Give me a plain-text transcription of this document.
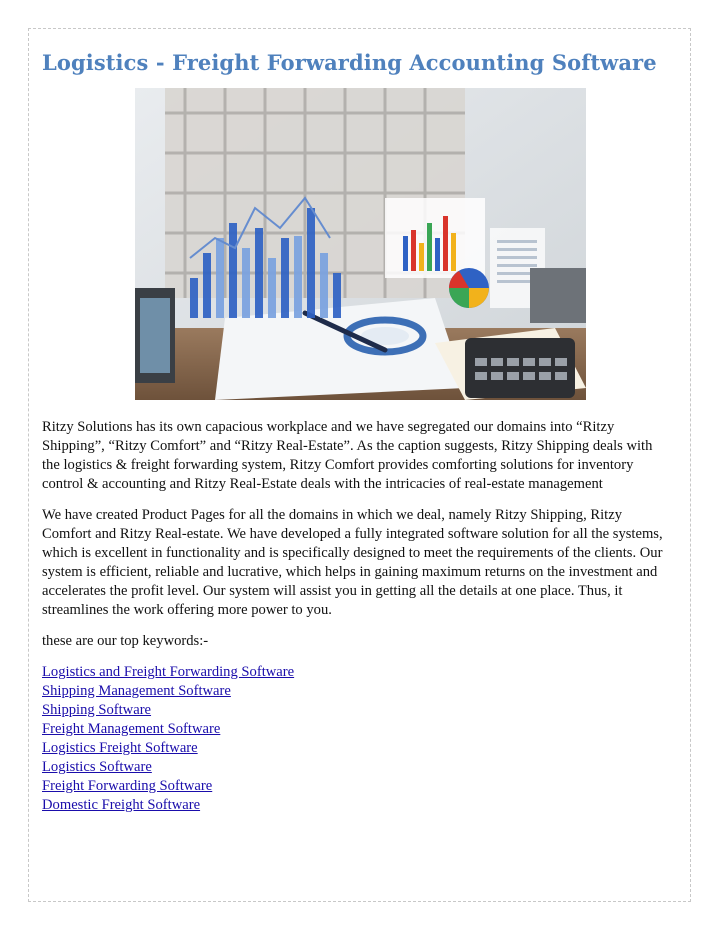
Logistics - Freight Forwarding Accounting Software

Ritzy Solutions has its own capacious workplace and we have segregated our domains into “Ritzy Shipping”, “Ritzy Comfort” and “Ritzy Real-Estate”. As the caption suggests, Ritzy Shipping deals with the logistics & freight forwarding system, Ritzy Comfort provides comforting solutions for inventory control & accounting and Ritzy Real-Estate deals with the intricacies of real-estate management

We have created Product Pages for all the domains in which we deal, namely Ritzy Shipping, Ritzy Comfort and Ritzy Real-estate. We have developed a fully integrated software solution for all the systems, which is excellent in functionality and is specifically designed to meet the requirements of the clients. Our system is efficient, reliable and lucrative, which helps in gaining maximum returns on the investment and accelerates the profit level. Our system will assist you in getting all the details at one place. Thus, it streamlines the work offering more power to you.

these are our top keywords:-

Logistics and Freight Forwarding Software
Shipping Management Software
Shipping Software
Freight Management Software
Logistics Freight Software
Logistics Software
Freight Forwarding Software
Domestic Freight Software
